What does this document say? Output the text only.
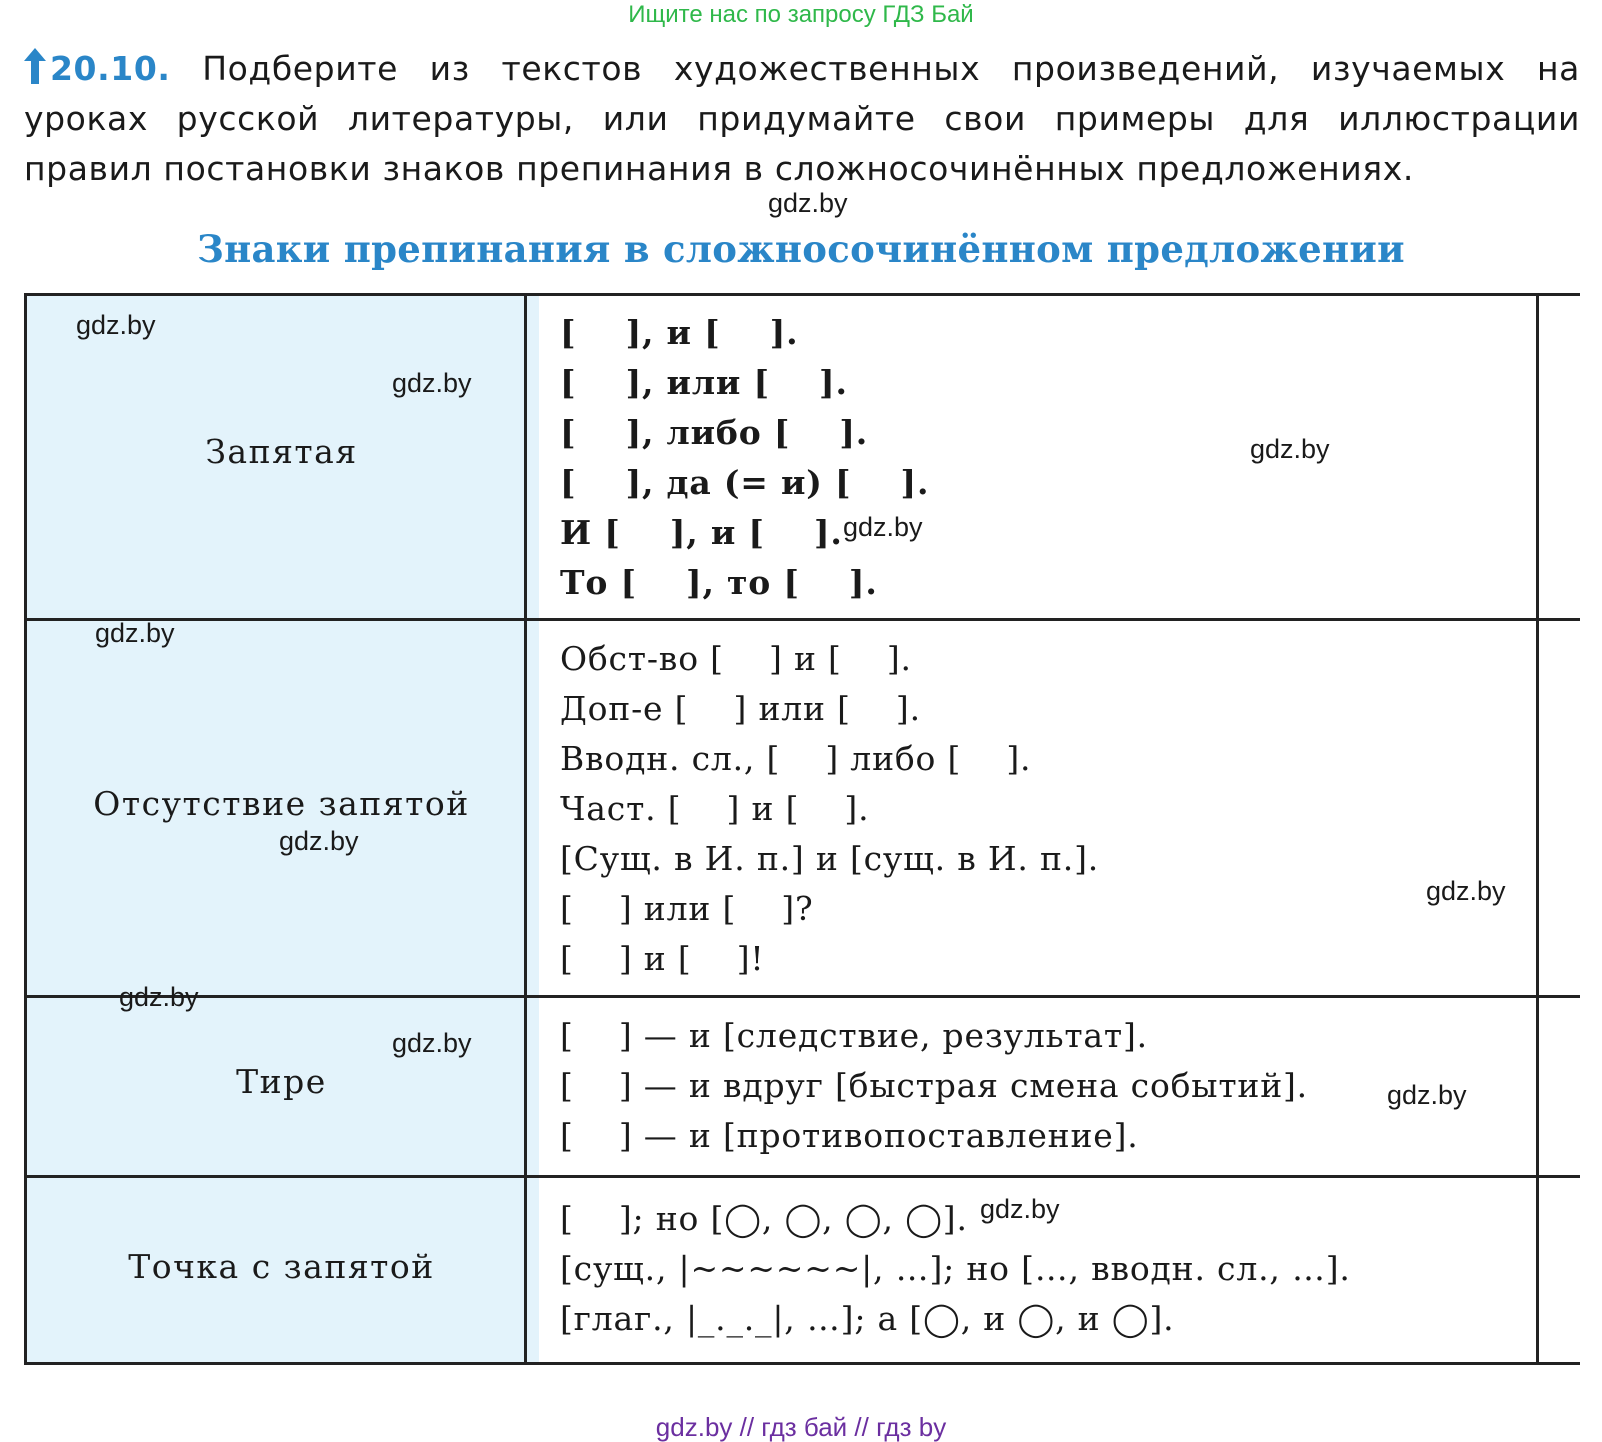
Ищите нас по запросу ГДЗ Бай
20.10. Подберите из текстов художественных произведений, изучаемых на
уроках русской литературы, или придумайте свои примеры для иллюстрации
правил постановки знаков препинания в сложносочинённых предложениях.
gdz.by
Знаки препинания в сложносочинённом предложении
Запятая
[    ], и [    ].
[    ], или [    ].
[    ], либо [    ].
[    ], да (= и) [    ].
И [    ], и [    ].
То [    ], то [    ].
Отсутствие запятой
Обст-во [    ] и [    ].
Доп-е [    ] или [    ].
Вводн. сл., [    ] либо [    ].
Част. [    ] и [    ].
[Сущ. в И. п.] и [сущ. в И. п.].
[    ] или [    ]?
[    ] и [    ]!
Тире
[    ] — и [следствие, результат].
[    ] — и вдруг [быстрая смена событий].
[    ] — и [противопоставление].
Точка с запятой
[    ]; но [◯, ◯, ◯, ◯].
[сущ., |~~~~~~|, …]; но […, вводн. сл., …].
[глаг., |_._._|, …]; а [◯, и ◯, и ◯].
gdz.by
gdz.by
gdz.by
gdz.by
gdz.by
gdz.by
gdz.by
gdz.by
gdz.by
gdz.by
gdz.by
gdz.by // гдз бай // гдз by
